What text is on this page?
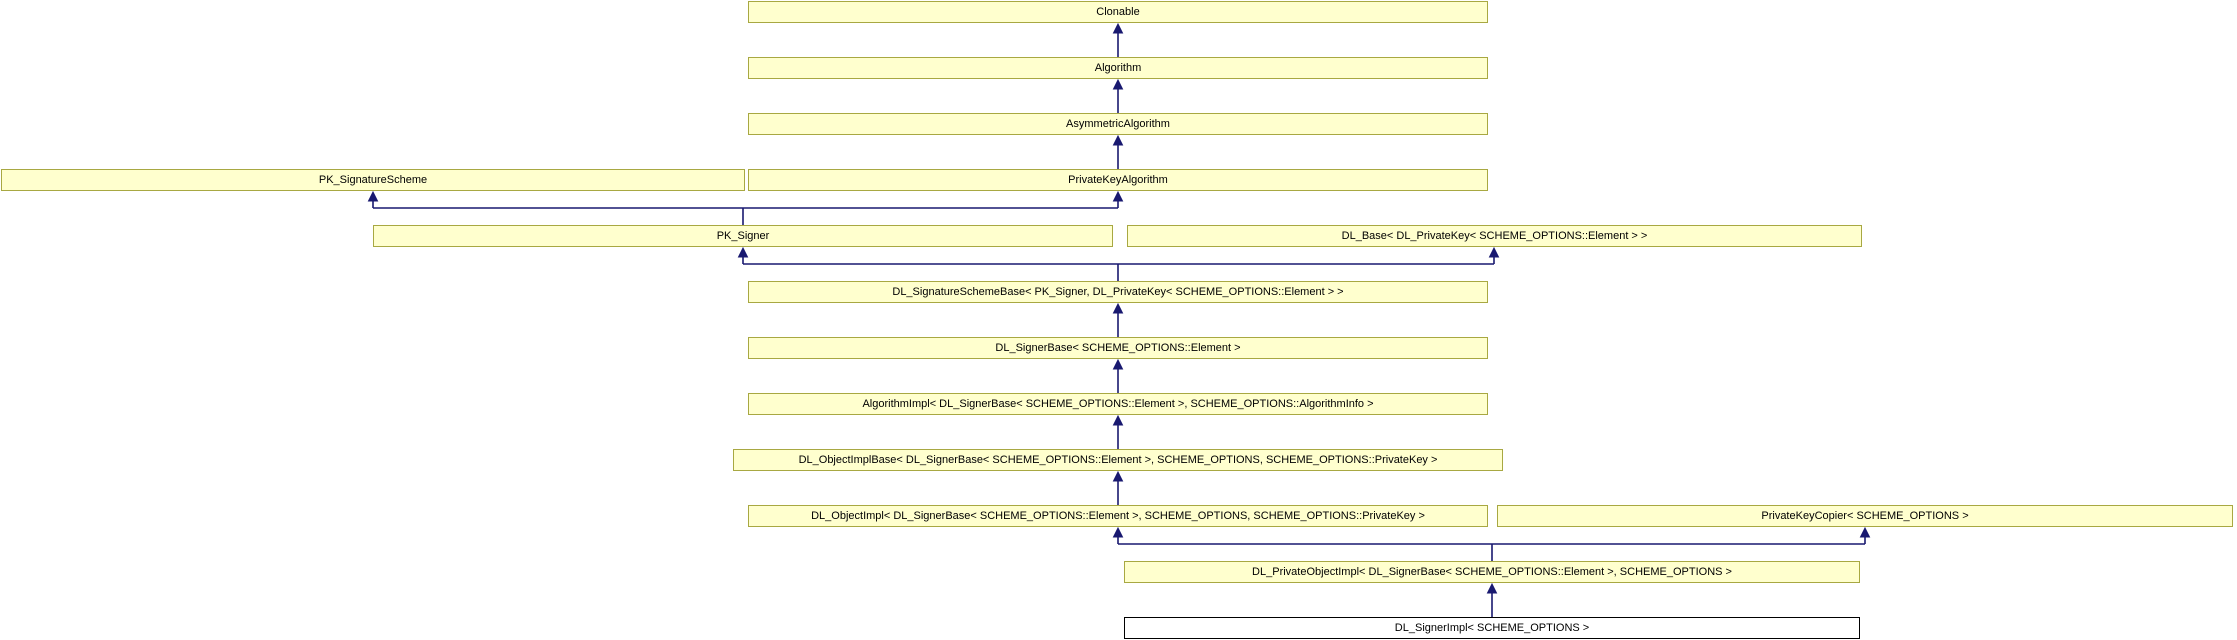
Clonable
Algorithm
AsymmetricAlgorithm
PK_SignatureScheme	PrivateKeyAlgorithm
PK_Signer	DL_Base< DL_PrivateKey< SCHEME_OPTIONS::Element > >
DL_SignatureSchemeBase< PK_Signer, DL_PrivateKey< SCHEME_OPTIONS::Element > >
DL_SignerBase< SCHEME_OPTIONS::Element >
AlgorithmImpl< DL_SignerBase< SCHEME_OPTIONS::Element >, SCHEME_OPTIONS::AlgorithmInfo >
DL_ObjectImplBase< DL_SignerBase< SCHEME_OPTIONS::Element >, SCHEME_OPTIONS, SCHEME_OPTIONS::PrivateKey >
DL_ObjectImpl< DL_SignerBase< SCHEME_OPTIONS::Element >, SCHEME_OPTIONS, SCHEME_OPTIONS::PrivateKey >	PrivateKeyCopier< SCHEME_OPTIONS >
DL_PrivateObjectImpl< DL_SignerBase< SCHEME_OPTIONS::Element >, SCHEME_OPTIONS >
DL_SignerImpl< SCHEME_OPTIONS >
